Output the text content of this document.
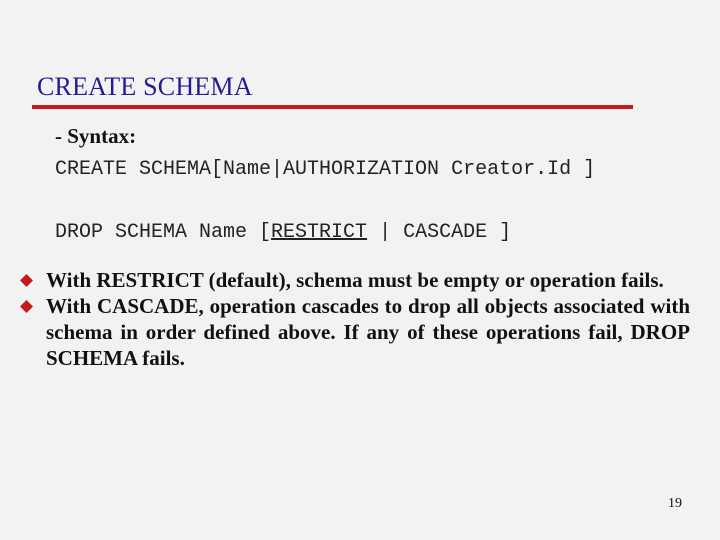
CREATE SCHEMA
- Syntax:
CREATE SCHEMA[Name|AUTHORIZATION Creator.Id ]
DROP SCHEMA Name [RESTRICT | CASCADE ]
With RESTRICT (default), schema must be empty or operation fails.
With CASCADE, operation cascades to drop all objects associated with schema in order defined above. If any of these operations fail, DROP SCHEMA fails.
19
